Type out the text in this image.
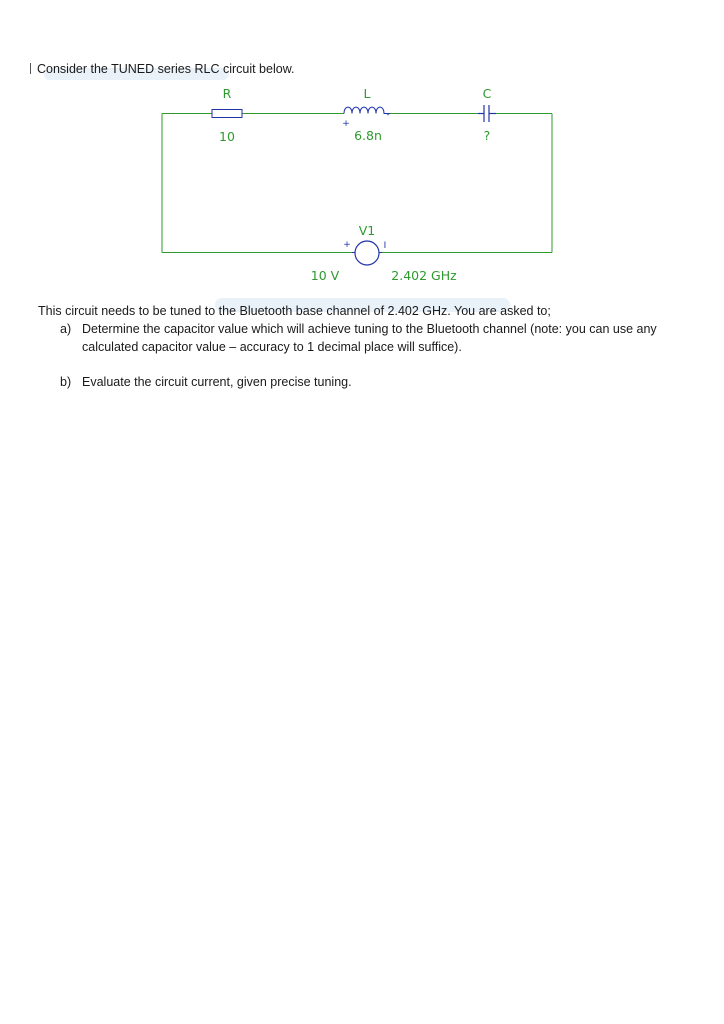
Consider the TUNED series RLC circuit below.
R
10
L
6.8n
+
-
C
?
V1
+	I
10 V	2.402 GHz
This circuit needs to be tuned to the Bluetooth base channel of 2.402 GHz. You are asked to;
a) Determine the capacitor value which will achieve tuning to the Bluetooth channel (note: you can use any calculated capacitor value – accuracy to 1 decimal place will suffice).
b) Evaluate the circuit current, given precise tuning.
